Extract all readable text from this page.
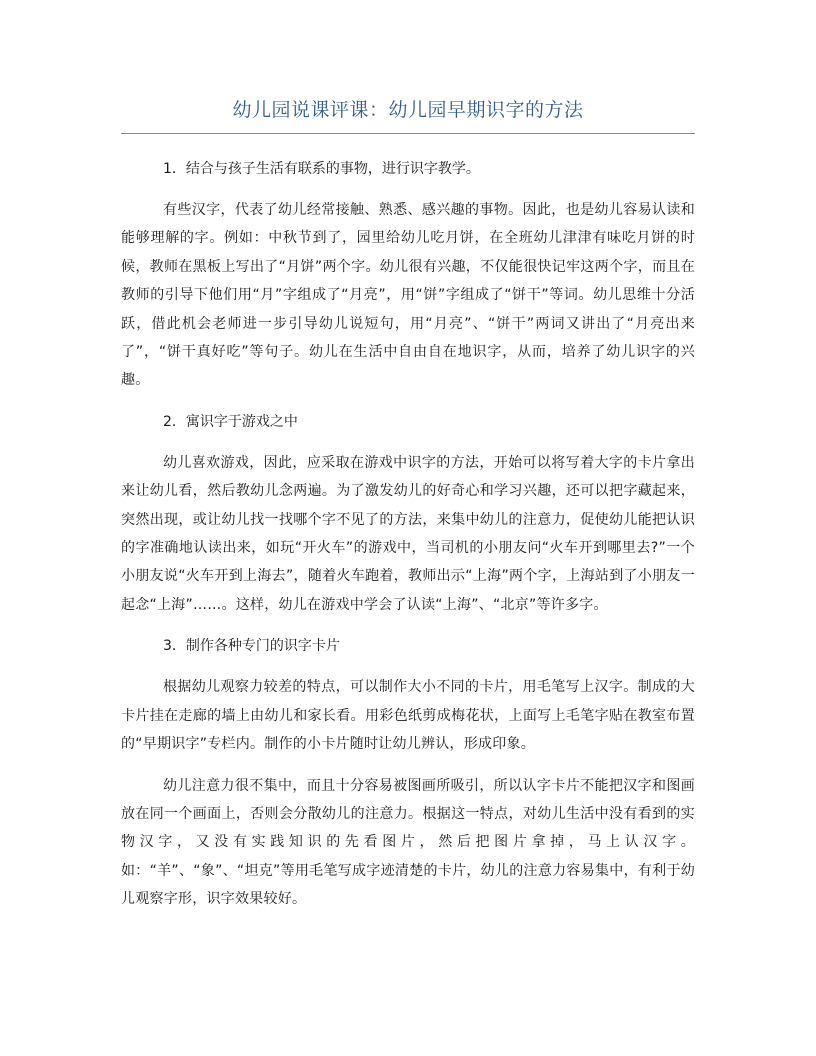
幼儿园说课评课：幼儿园早期识字的方法

1．结合与孩子生活有联系的事物，进行识字教学。

有些汉字，代表了幼儿经常接触、熟悉、感兴趣的事物。因此，也是幼儿容易认读和能够理解的字。例如：中秋节到了，园里给幼儿吃月饼，在全班幼儿津津有味吃月饼的时候，教师在黑板上写出了“月饼”两个字。幼儿很有兴趣，不仅能很快记牢这两个字，而且在教师的引导下他们用“月”字组成了“月亮”，用“饼”字组成了“饼干”等词。幼儿思维十分活跃，借此机会老师进一步引导幼儿说短句，用“月亮”、“饼干”两词又讲出了“月亮出来了”，“饼干真好吃”等句子。幼儿在生活中自由自在地识字，从而，培养了幼儿识字的兴趣。

2．寓识字于游戏之中

幼儿喜欢游戏，因此，应采取在游戏中识字的方法，开始可以将写着大字的卡片拿出来让幼儿看，然后教幼儿念两遍。为了激发幼儿的好奇心和学习兴趣，还可以把字藏起来，突然出现，或让幼儿找一找哪个字不见了的方法，来集中幼儿的注意力，促使幼儿能把认识的字准确地认读出来，如玩“开火车”的游戏中，当司机的小朋友问“火车开到哪里去?”一个小朋友说“火车开到上海去”，随着火车跑着，教师出示“上海”两个字，上海站到了小朋友一起念“上海”……。这样，幼儿在游戏中学会了认读“上海”、“北京”等许多字。

3．制作各种专门的识字卡片

根据幼儿观察力较差的特点，可以制作大小不同的卡片，用毛笔写上汉字。制成的大卡片挂在走廊的墙上由幼儿和家长看。用彩色纸剪成梅花状，上面写上毛笔字贴在教室布置的“早期识字”专栏内。制作的小卡片随时让幼儿辨认，形成印象。

幼儿注意力很不集中，而且十分容易被图画所吸引，所以认字卡片不能把汉字和图画放在同一个画面上，否则会分散幼儿的注意力。根据这一特点，对幼儿生活中没有看到的实物汉字，又没有实践知识的先看图片，然后把图片拿掉，马上认汉字。如：“羊”、“象”、“坦克”等用毛笔写成字迹清楚的卡片，幼儿的注意力容易集中，有利于幼儿观察字形，识字效果较好。
